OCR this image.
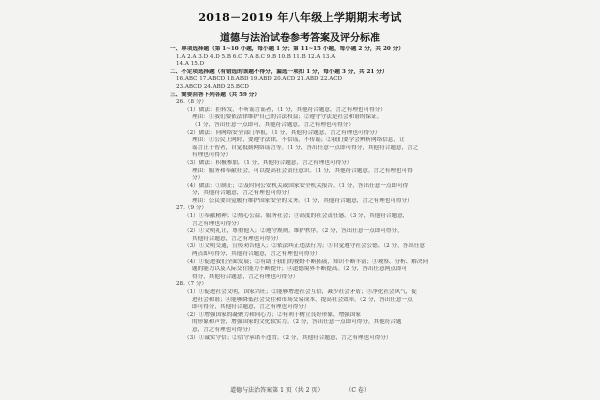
2018－2019 年八年级上学期期末考试
道德与法治试卷参考答案及评分标准
一、单项选择题（第 1~10 小题，每小题 1 分；第 11~15 小题，每小题 2 分，共 20 分）
1.A 2.A 3.D 4.D 5.B 6.C 7.A 8.C 9.B 10.B 11.B 12.A 13.A
14.A 15.D
二、不定项选择题（有错选的该题不得分，漏选一项扣 1 分，每小题 3 分，共 21 分）
16.ABC 17.ABCD 18.ABD 19.ABD 20.ACD 21.ABD 22.ACD
23.ABCD 24.ABD 25.BCD
三、简要回答下列各题（共 59 分）
26.（8 分）
（1）做法：拒转发，不听谣言谣者，（1 分，其他符合题意，言之有理也可得分）
理由：①我们要依法律维护自己的合法权益；②遵守守法是社会和谐的保证。
（1 分，答出任意一点即可，其他符合题意，言之有理也可得分）
（2）做法：向网络安全部门举报，（1 分，其他符合题意，言之有理也可得分）
理由：①公民上网时，要遵守法律，不信谣，不传谣；②我们要学会辨析网络信息，让
谣言止于智者，自觉抵制网络谣言等。（1 分，答出任意一点即可得分，其他符合题意，言之
有理也可得分）
（3）做法：积极参加，（1 分，其他符合题意，言之有理也可得分）
理由：服务和奉献社会，可以提高社会责任意识。（1 分，其他符合题意，言之有理也可得
分）
（4）做法：①制止；②及时向公安机关或国家安全机关报告。（1 分，答出任意一点即可得
分，其他符合题意，言之有理也可得分）
理由：公民要自觉履行维护国家安全的义务。（1 分，其他符合题意，言之有理也可得分）
27.（9 分）
（1）①奉献精神；②热心公益、服务社会；③高度的社会责任感。（3 分，其他符合题意，
言之有理也可得分）
（2）①文明礼让，尊重他人；②遵守规则，维护秩序。（2 分，答出任意一点即可得分，
其他符合题意，言之有理也可得分）
（3）①文明交通，宣传劝告他人；②依法纠正违法行为；③自觉遵守社会公德。（2 分，答出任意
两点即可得分，其他符合题意，言之有理也可得分）
（4）①促进我们全面发展；②有助于我们的视野不断拓展，知识不断丰富；③观察、分析、解决问
题的能力以及人际交往能力不断提升；④道德境界不断提高。（2 分，答出任意两点即可
得分，其他符合题意，言之有理也可得分）
28.（7 分）
（1）①促进社会文明，国家兴旺；②能够增进社会互信，减少社会矛盾；③净化社会风气，促
进社会和谐；④能够降低社会交往和市场交易成本，提高社会效率。（2 分，答出任意一点
即可得分，其他符合题意，言之有理也可得分）
（2）①增强国家的凝聚力和向心力；②有利于树立良好形象，增强国家
的形象和声誉，增强国家的文化软实力。（2 分，答出任意一点即可得分，其他符合题
意，言之有理也可得分）
（3）①诚实守信；②信守承诺不违背。（2 分，其他符合题意，言之有理也可得分）
道德与法治答案第 1 页（共 2 页）	（C 卷）
